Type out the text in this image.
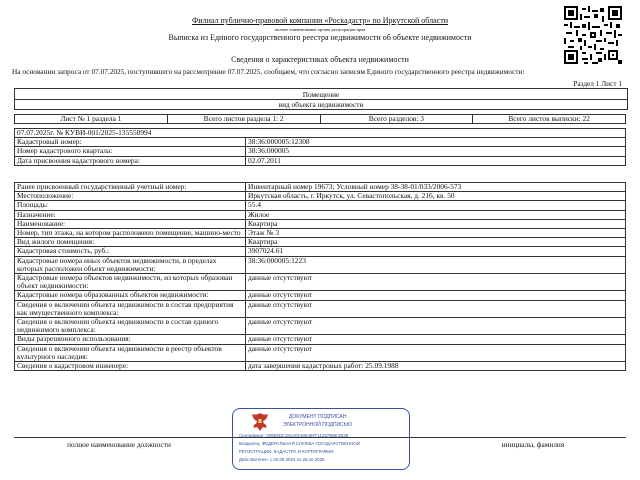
Филиал публично-правовой компании «Роскадастр» по Иркутской области
полное наименование органа регистрации прав
Выписка из Единого государственного реестра недвижимости об объекте недвижимости
Сведения о характеристиках объекта недвижимости
На основании запроса от 07.07.2025, поступившего на рассмотрение 07.07.2025, сообщаем, что согласно записям Единого государственного реестра недвижимости:
Раздел 1 Лист 1
Помещение
вид объекта недвижимости
Лист № 1 раздела 1	Всего листов раздела 1: 2	Всего разделов: 3	Всего листов выписки: 22
07.07.2025г. № КУВИ-001/2025-135550994	
Кадастровый номер:	38:36:000005:12308
Номер кадастрового квартала:	38:36:000005
Дата присвоения кадастрового номера:	02.07.2011
Ранее присвоенный государственный учетный номер:	Инвентарный номер 19673; Условный номер 38-38-01/033/2006-573
Местоположение:	Иркутская область, г. Иркутск, ул. Севастопольская, д. 216, кв. 50
Площадь:	55.4
Назначение:	Жилое
Наименование:	Квартира
Номер, тип этажа, на котором расположено помещение, машино-место	Этаж № 3
Вид жилого помещения:	Квартира
Кадастровая стоимость, руб.:	3907024.61
Кадастровые номера иных объектов недвижимости, в пределах которых расположен объект недвижимости:	38:36:000005:1223
Кадастровые номера объектов недвижимости, из которых образован объект недвижимости:	данные отсутствуют
Кадастровые номера образованных объектов недвижимости:	данные отсутствуют
Сведения о включении объекта недвижимости в состав предприятия как имущественного комплекса:	данные отсутствуют
Сведения о включении объекта недвижимости в состав единого недвижимого комплекса:	данные отсутствуют
Виды разрешенного использования:	данные отсутствуют
Сведения о включении объекта недвижимости в реестр объектов культурного наследия:	данные отсутствуют
Сведения о кадастровом инженере:	дата завершения кадастровых работ: 25.09.1988
полное наименование должности	инициалы, фамилия
ДОКУМЕНТ ПОДПИСАН
ЭЛЕКТРОННОЙ ПОДПИСЬЮ
Сертификат: 00983DC181A02186459T11257BBE2B35
Владелец: ФЕДЕРАЛЬНАЯ СЛУЖБА ГОСУДАРСТВЕННОЙ
РЕГИСТРАЦИИ, КАДАСТРА И КАРТОГРАФИИ
Действителен: с 02.08.2024 по 26.10.2025
